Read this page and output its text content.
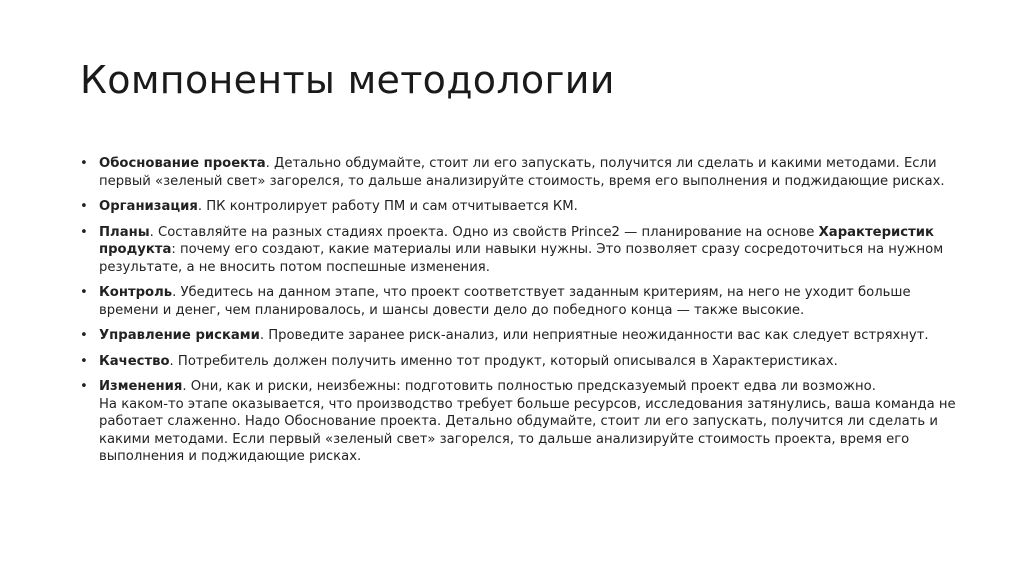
Компоненты методологии
• Обоснование проекта. Детально обдумайте, стоит ли его запускать, получится ли сделать и какими методами. Если первый «зеленый свет» загорелся, то дальше анализируйте стоимость, время его выполнения и поджидающие рисках.
• Организация. ПК контролирует работу ПМ и сам отчитывается КМ.
• Планы. Составляйте на разных стадиях проекта. Одно из свойств Prince2 — планирование на основе Характеристик продукта: почему его создают, какие материалы или навыки нужны. Это позволяет сразу сосредоточиться на нужном результате, а не вносить потом поспешные изменения.
• Контроль. Убедитесь на данном этапе, что проект соответствует заданным критериям, на него не уходит больше времени и денег, чем планировалось, и шансы довести дело до победного конца — также высокие.
• Управление рисками. Проведите заранее риск-анализ, или неприятные неожиданности вас как следует встряхнут.
• Качество. Потребитель должен получить именно тот продукт, который описывался в Характеристиках.
• Изменения. Они, как и риски, неизбежны: подготовить полностью предсказуемый проект едва ли возможно.
На каком-то этапе оказывается, что производство требует больше ресурсов, исследования затянулись, ваша команда не работает слаженно. Надо Обоснование проекта. Детально обдумайте, стоит ли его запускать, получится ли сделать и какими методами. Если первый «зеленый свет» загорелся, то дальше анализируйте стоимость проекта, время его выполнения и поджидающие рисках.
